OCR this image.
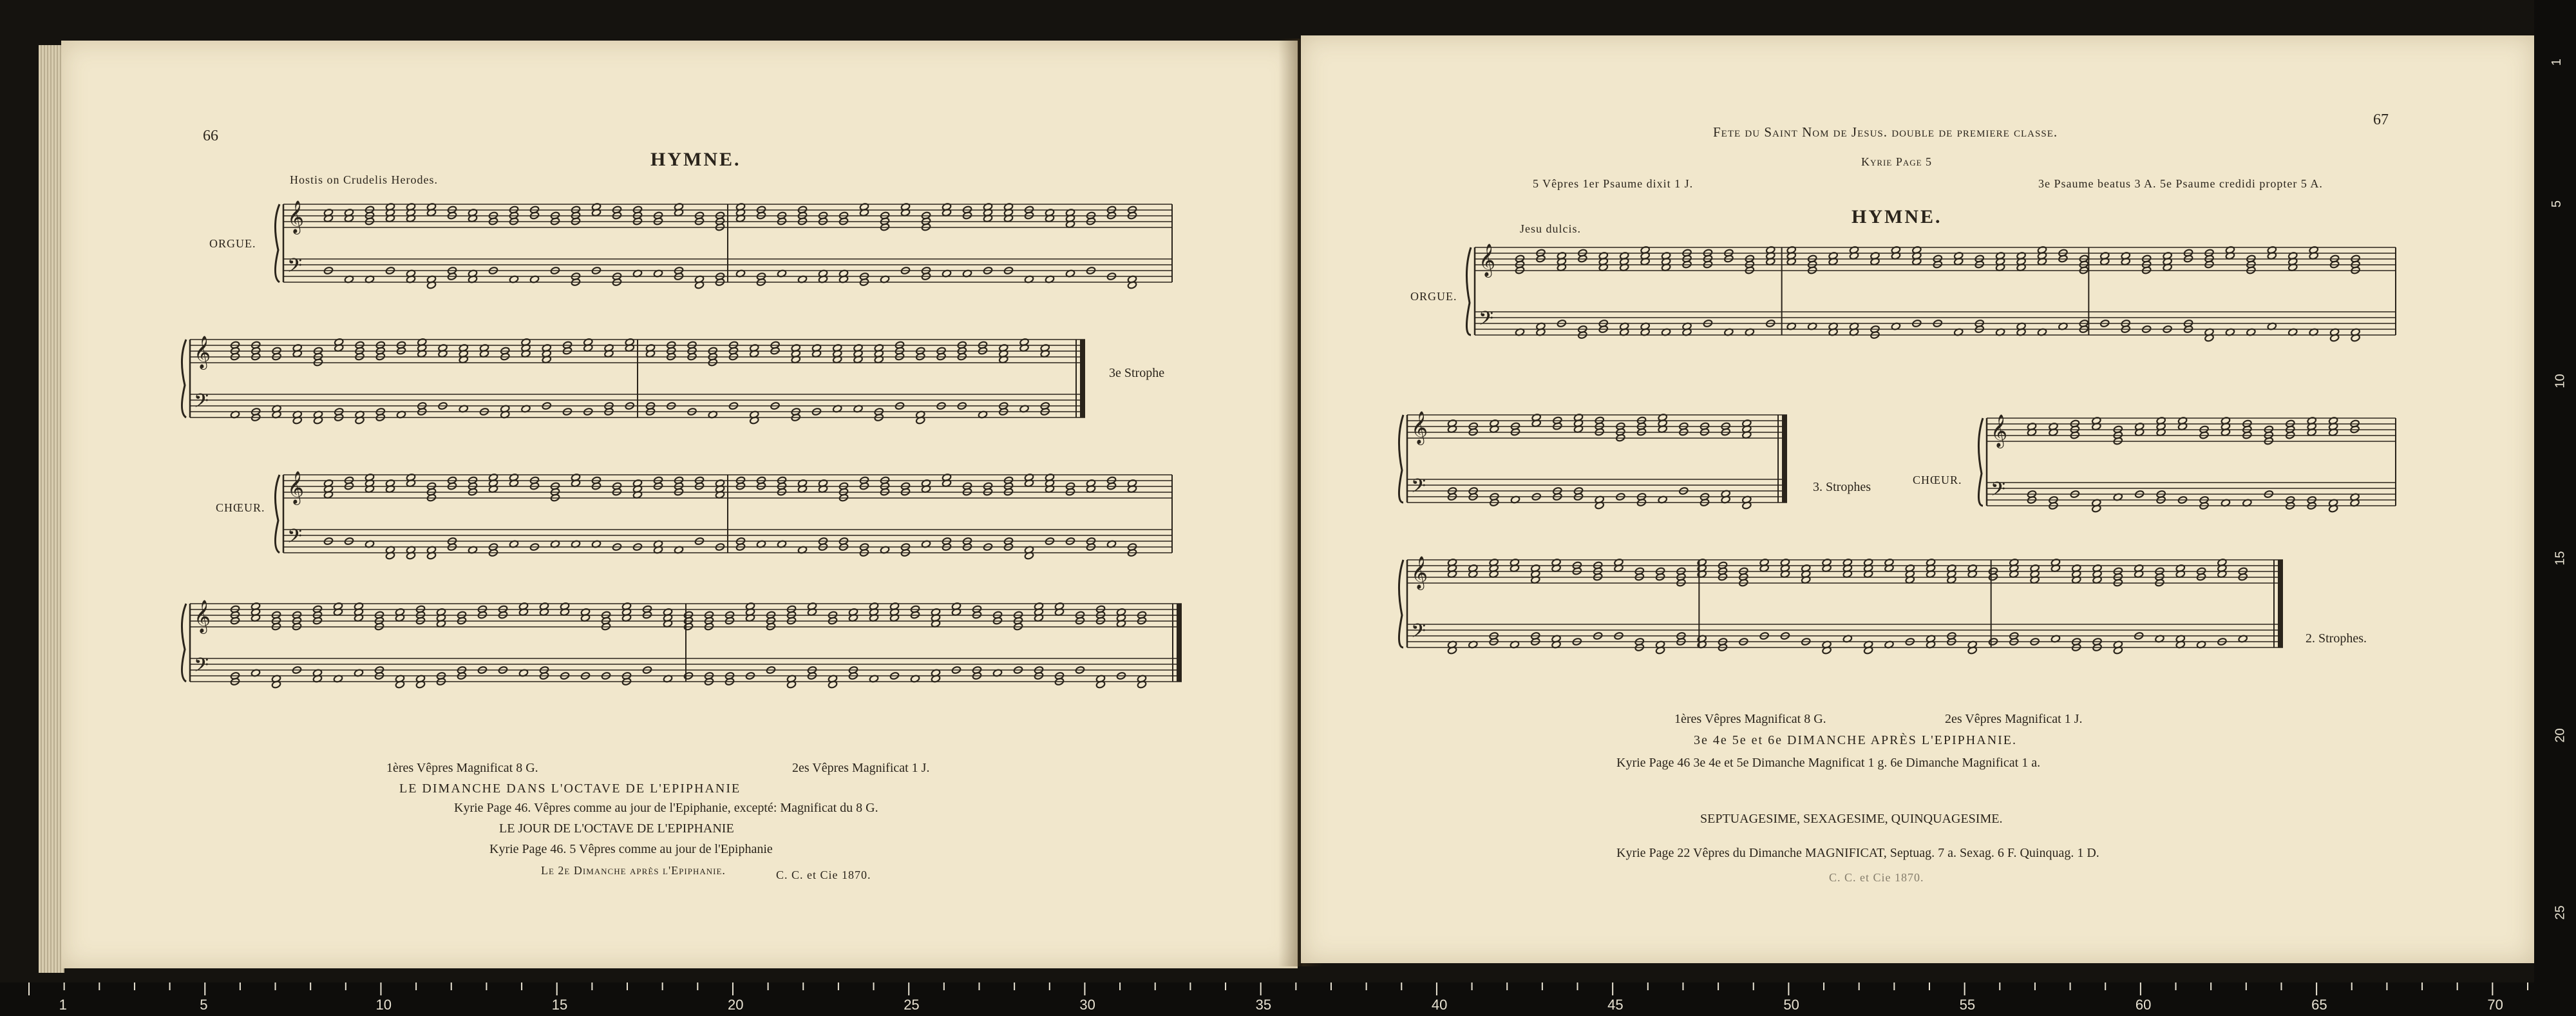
66
HYMNE.
Hostis on Crudelis Herodes.
ORGUE.
CHŒUR.
3e Strophe
𝄞
𝄢
𝄞
𝄢
𝄞
𝄢
𝄞
𝄢
1ères Vêpres Magnificat 8 G.	2es Vêpres Magnificat 1 J.
LE DIMANCHE DANS L'OCTAVE DE L'EPIPHANIE
Kyrie Page 46. Vêpres comme au jour de l'Epiphanie, excepté: Magnificat du 8 G.
LE JOUR DE L'OCTAVE DE L'EPIPHANIE
Kyrie Page 46. 5 Vêpres comme au jour de l'Epiphanie
Le 2e Dimanche après l'Epiphanie.	C. C. et Cie 1870.
Fete du Saint Nom de Jesus. double de premiere classe.
67
Kyrie Page 5
5 Vêpres 1er Psaume dixit 1 J.	3e Psaume beatus 3 A. 5e Psaume credidi propter 5 A.
HYMNE.
Jesu dulcis.
ORGUE.
CHŒUR.
3. Strophes
2. Strophes.
𝄞
𝄢
𝄞
𝄢
𝄞
𝄢
𝄞
𝄢
1ères Vêpres Magnificat 8 G.	2es Vêpres Magnificat 1 J.
3e 4e 5e et 6e DIMANCHE APRÈS L'EPIPHANIE.
Kyrie Page 46 3e 4e et 5e Dimanche Magnificat 1 g. 6e Dimanche Magnificat 1 a.
SEPTUAGESIME, SEXAGESIME, QUINQUAGESIME.
Kyrie Page 22 Vêpres du Dimanche MAGNIFICAT, Septuag. 7 a. Sexag. 6 F. Quinquag. 1 D.
C. C. et Cie 1870.
1
5
10
15
20
25
1	5	10	15	20	25	30	35	40	45	50	55	60	65	70
